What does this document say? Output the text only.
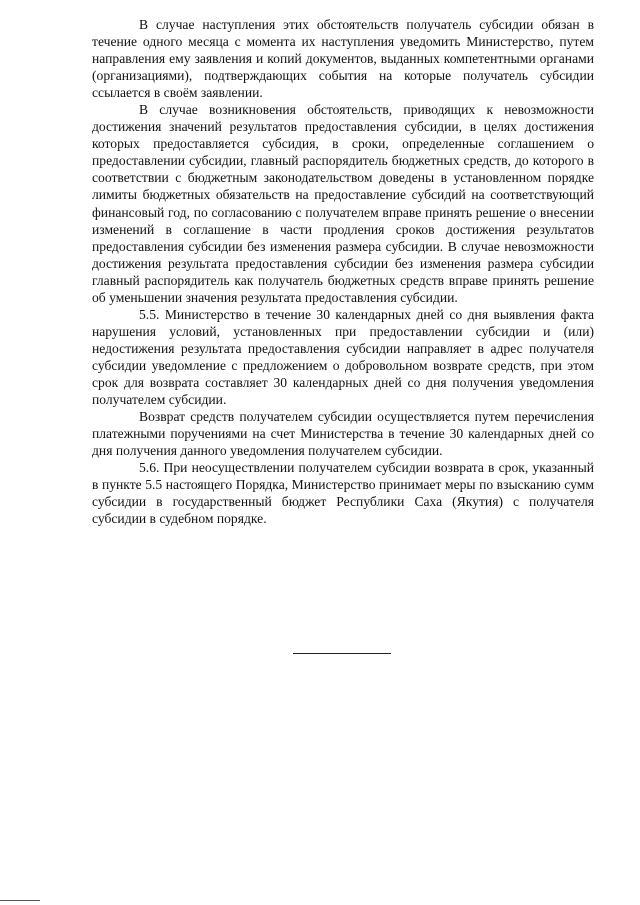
В случае наступления этих обстоятельств получатель субсидии обязан в течение одного месяца с момента их наступления уведомить Министерство, путем направления ему заявления и копий документов, выданных компетентными органами (организациями), подтверждающих события на которые получатель субсидии ссылается в своём заявлении.

В случае возникновения обстоятельств, приводящих к невозможности достижения значений результатов предоставления субсидии, в целях достижения которых предоставляется субсидия, в сроки, определенные соглашением о предоставлении субсидии, главный распорядитель бюджетных средств, до которого в соответствии с бюджетным законодательством доведены в установленном порядке лимиты бюджетных обязательств на предоставление субсидий на соответствующий финансовый год, по согласованию с получателем вправе принять решение о внесении изменений в соглашение в части продления сроков достижения результатов предоставления субсидии без изменения размера субсидии. В случае невозможности достижения результата предоставления субсидии без изменения размера субсидии главный распорядитель как получатель бюджетных средств вправе принять решение об уменьшении значения результата предоставления субсидии.

5.5. Министерство в течение 30 календарных дней со дня выявления факта нарушения условий, установленных при предоставлении субсидии и (или) недостижения результата предоставления субсидии направляет в адрес получателя субсидии уведомление с предложением о добровольном возврате средств, при этом срок для возврата составляет 30 календарных дней со дня получения уведомления получателем субсидии.

Возврат средств получателем субсидии осуществляется путем перечисления платежными поручениями на счет Министерства в течение 30 календарных дней со дня получения данного уведомления получателем субсидии.

5.6. При неосуществлении получателем субсидии возврата в срок, указанный в пункте 5.5 настоящего Порядка, Министерство принимает меры по взысканию сумм субсидии в государственный бюджет Республики Саха (Якутия) с получателя субсидии в судебном порядке.
